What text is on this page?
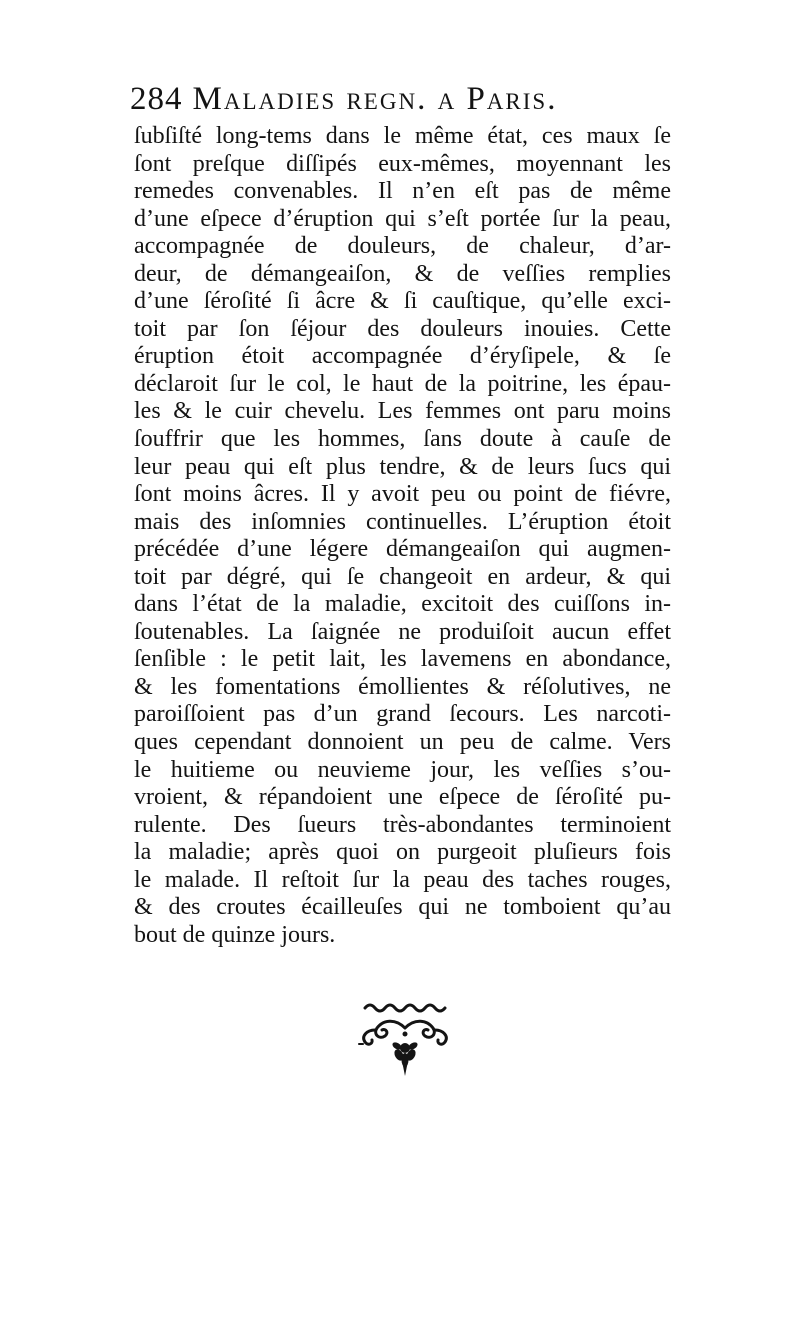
284 Maladies regn. a Paris.
ſubſiſté long-tems dans le même état, ces maux ſe
ſont preſque diſſipés eux-mêmes, moyennant les
remedes convenables. Il n’en eſt pas de même
d’une eſpece d’éruption qui s’eſt portée ſur la peau,
accompagnée de douleurs, de chaleur, d’ar-
deur, de démangeaiſon, & de veſſies remplies
d’une ſéroſité ſi âcre & ſi cauſtique, qu’elle exci-
toit par ſon ſéjour des douleurs inouies. Cette
éruption étoit accompagnée d’éryſipele, & ſe
déclaroit ſur le col, le haut de la poitrine, les épau-
les & le cuir chevelu. Les femmes ont paru moins
ſouffrir que les hommes, ſans doute à cauſe de
leur peau qui eſt plus tendre, & de leurs ſucs qui
ſont moins âcres. Il y avoit peu ou point de fiévre,
mais des inſomnies continuelles. L’éruption étoit
précédée d’une légere démangeaiſon qui augmen-
toit par dégré, qui ſe changeoit en ardeur, & qui
dans l’état de la maladie, excitoit des cuiſſons in-
ſoutenables. La ſaignée ne produiſoit aucun effet
ſenſible : le petit lait, les lavemens en abondance,
& les fomentations émollientes & réſolutives, ne
paroiſſoient pas d’un grand ſecours. Les narcoti-
ques cependant donnoient un peu de calme. Vers
le huitieme ou neuvieme jour, les veſſies s’ou-
vroient, & répandoient une eſpece de ſéroſité pu-
rulente. Des ſueurs très-abondantes terminoient
la maladie; après quoi on purgeoit pluſieurs fois
le malade. Il reſtoit ſur la peau des taches rouges,
& des croutes écailleuſes qui ne tomboient qu’au
bout de quinze jours.
